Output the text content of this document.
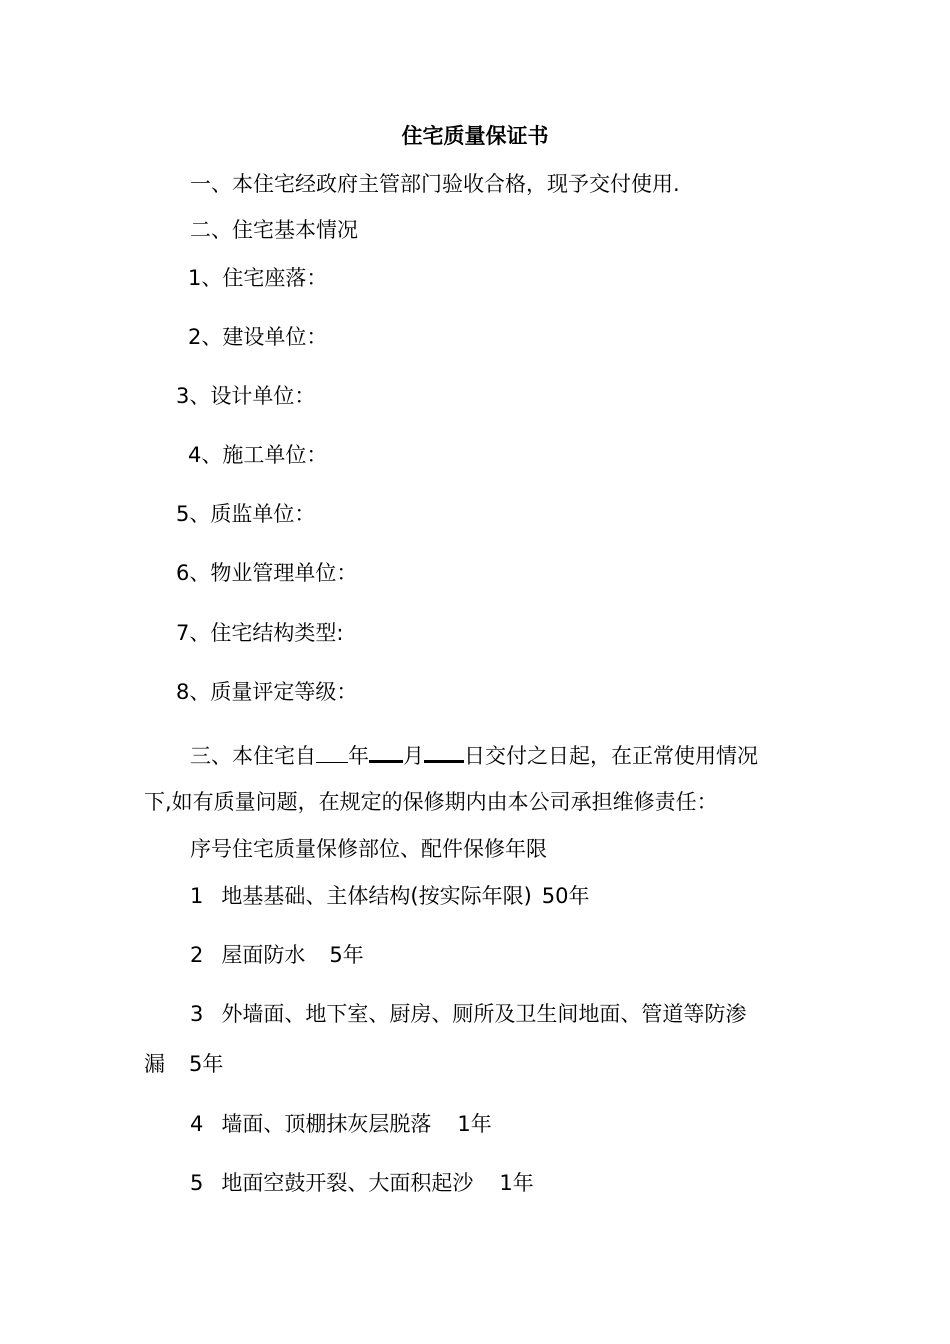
住宅质量保证书
一、本住宅经政府主管部门验收合格，现予交付使用.
二、住宅基本情况
1、住宅座落：
2、建设单位：
3、设计单位：
4、施工单位：
5、质监单位：
6、物业管理单位：
7、住宅结构类型:
8、质量评定等级：
三、本住宅自 年 月 日交付之日起，在正常使用情况
下,如有质量问题，在规定的保修期内由本公司承担维修责任：
序号住宅质量保修部位、配件保修年限
1 地基基础、主体结构(按实际年限) 50年
2 屋面防水 5年
3 外墙面、地下室、厨房、厕所及卫生间地面、管道等防渗
漏 5年
4 墙面、顶棚抹灰层脱落 1年
5 地面空鼓开裂、大面积起沙 1年
